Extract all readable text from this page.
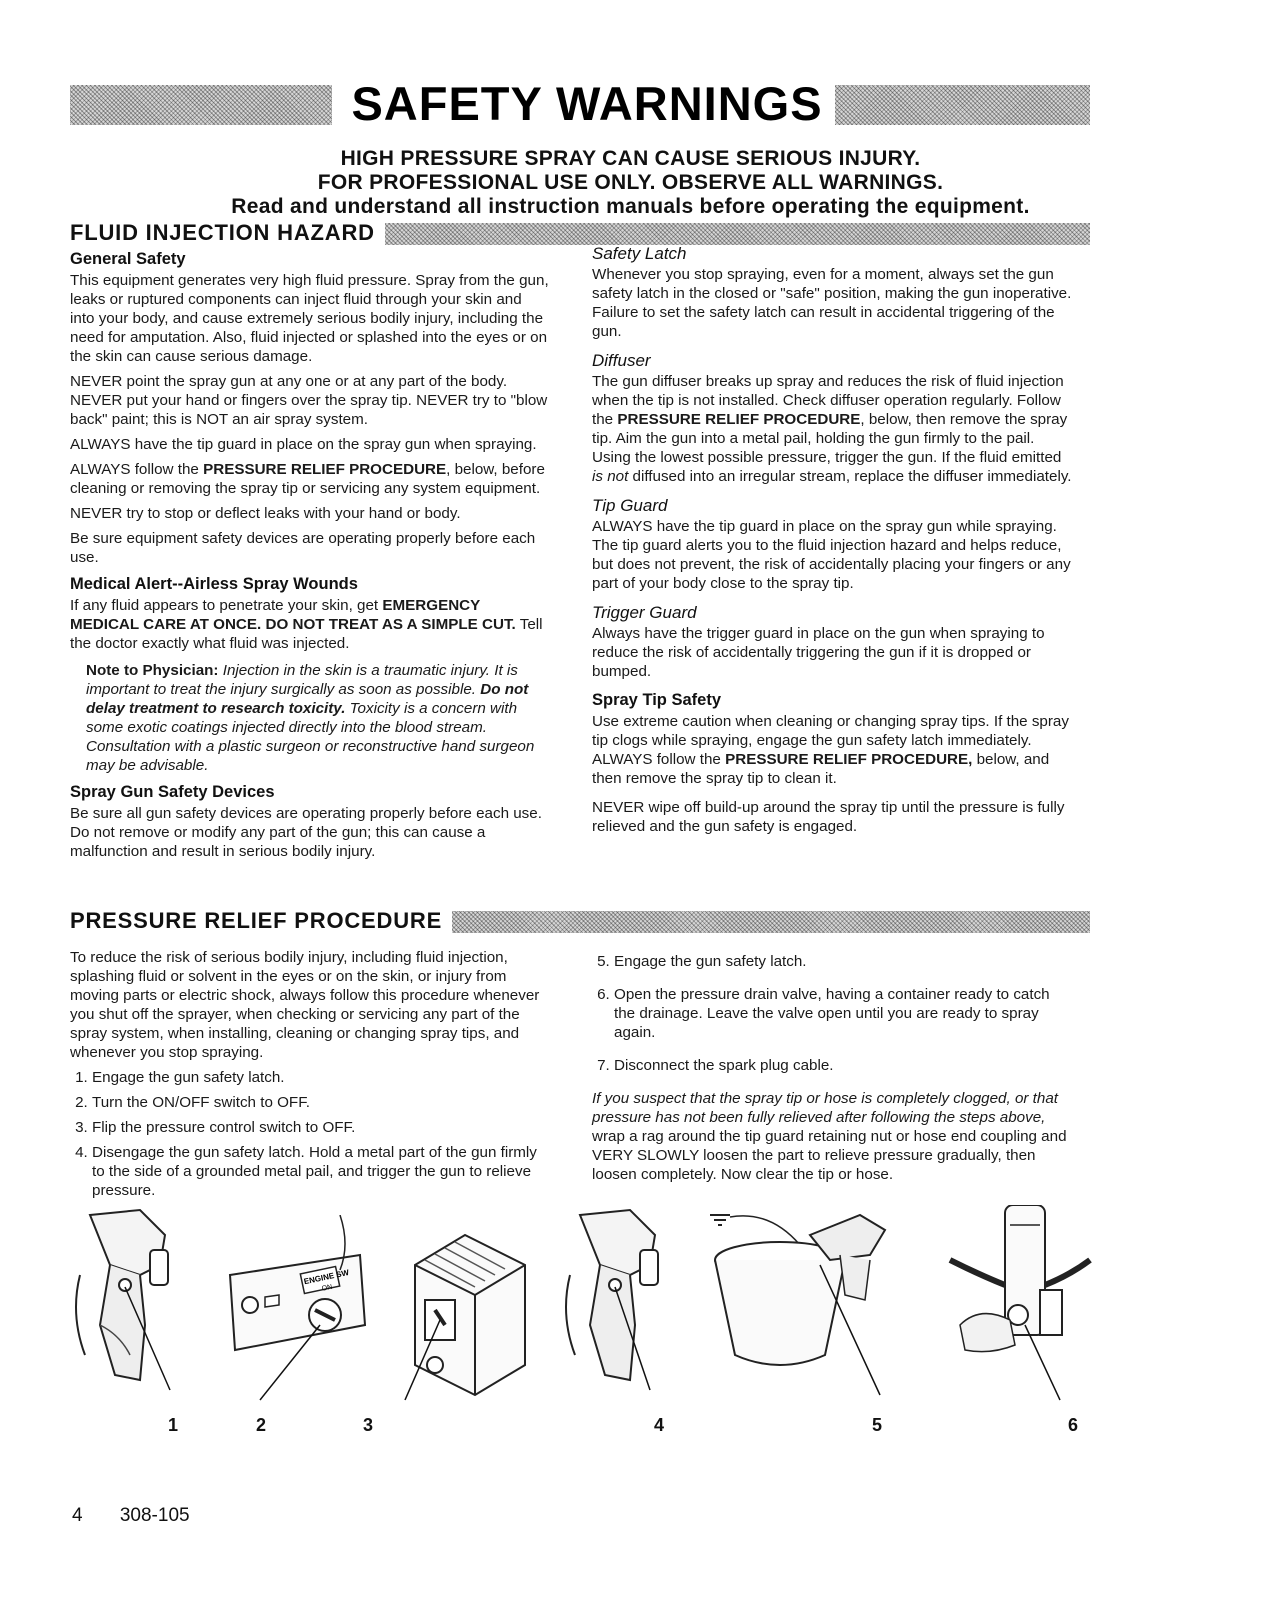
SAFETY WARNINGS
HIGH PRESSURE SPRAY CAN CAUSE SERIOUS INJURY.
FOR PROFESSIONAL USE ONLY. OBSERVE ALL WARNINGS.
Read and understand all instruction manuals before operating the equipment.
FLUID INJECTION HAZARD
General Safety

This equipment generates very high fluid pressure. Spray from the gun, leaks or ruptured components can inject fluid through your skin and into your body, and cause extremely serious bodily injury, including the need for amputation. Also, fluid injected or splashed into the eyes or on the skin can cause serious damage.

NEVER point the spray gun at any one or at any part of the body. NEVER put your hand or fingers over the spray tip. NEVER try to "blow back" paint; this is NOT an air spray system.

ALWAYS have the tip guard in place on the spray gun when spraying.

ALWAYS follow the PRESSURE RELIEF PROCEDURE, below, before cleaning or removing the spray tip or servicing any system equipment.

NEVER try to stop or deflect leaks with your hand or body.

Be sure equipment safety devices are operating properly before each use.

Medical Alert--Airless Spray Wounds

If any fluid appears to penetrate your skin, get EMERGENCY MEDICAL CARE AT ONCE. DO NOT TREAT AS A SIMPLE CUT. Tell the doctor exactly what fluid was injected.

Note to Physician: Injection in the skin is a traumatic injury. It is important to treat the injury surgically as soon as possible. Do not delay treatment to research toxicity. Toxicity is a concern with some exotic coatings injected directly into the blood stream. Consultation with a plastic surgeon or reconstructive hand surgeon may be advisable.

Spray Gun Safety Devices

Be sure all gun safety devices are operating properly before each use. Do not remove or modify any part of the gun; this can cause a malfunction and result in serious bodily injury.

Safety Latch

Whenever you stop spraying, even for a moment, always set the gun safety latch in the closed or "safe" position, making the gun inoperative. Failure to set the safety latch can result in accidental triggering of the gun.

Diffuser

The gun diffuser breaks up spray and reduces the risk of fluid injection when the tip is not installed. Check diffuser operation regularly. Follow the PRESSURE RELIEF PROCEDURE, below, then remove the spray tip. Aim the gun into a metal pail, holding the gun firmly to the pail. Using the lowest possible pressure, trigger the gun. If the fluid emitted is not diffused into an irregular stream, replace the diffuser immediately.

Tip Guard

ALWAYS have the tip guard in place on the spray gun while spraying. The tip guard alerts you to the fluid injection hazard and helps reduce, but does not prevent, the risk of accidentally placing your fingers or any part of your body close to the spray tip.

Trigger Guard

Always have the trigger guard in place on the gun when spraying to reduce the risk of accidentally triggering the gun if it is dropped or bumped.

Spray Tip Safety

Use extreme caution when cleaning or changing spray tips. If the spray tip clogs while spraying, engage the gun safety latch immediately. ALWAYS follow the PRESSURE RELIEF PROCEDURE, below, and then remove the spray tip to clean it.

NEVER wipe off build-up around the spray tip until the pressure is fully relieved and the gun safety is engaged.

PRESSURE RELIEF PROCEDURE

To reduce the risk of serious bodily injury, including fluid injection, splashing fluid or solvent in the eyes or on the skin, or injury from moving parts or electric shock, always follow this procedure whenever you shut off the sprayer, when checking or servicing any part of the spray system, when installing, cleaning or changing spray tips, and whenever you stop spraying.

1. Engage the gun safety latch.
2. Turn the ON/OFF switch to OFF.
3. Flip the pressure control switch to OFF.
4. Disengage the gun safety latch. Hold a metal part of the gun firmly to the side of a grounded metal pail, and trigger the gun to relieve pressure.
5. Engage the gun safety latch.
6. Open the pressure drain valve, having a container ready to catch the drainage. Leave the valve open until you are ready to spray again.
7. Disconnect the spark plug cable.

If you suspect that the spray tip or hose is completely clogged, or that pressure has not been fully relieved after following the steps above, wrap a rag around the tip guard retaining nut or hose end coupling and VERY SLOWLY loosen the part to relieve pressure gradually, then loosen completely. Now clear the tip or hose.

1
ENGINE SW
ON
2	3	4	5	6
4 308-105
